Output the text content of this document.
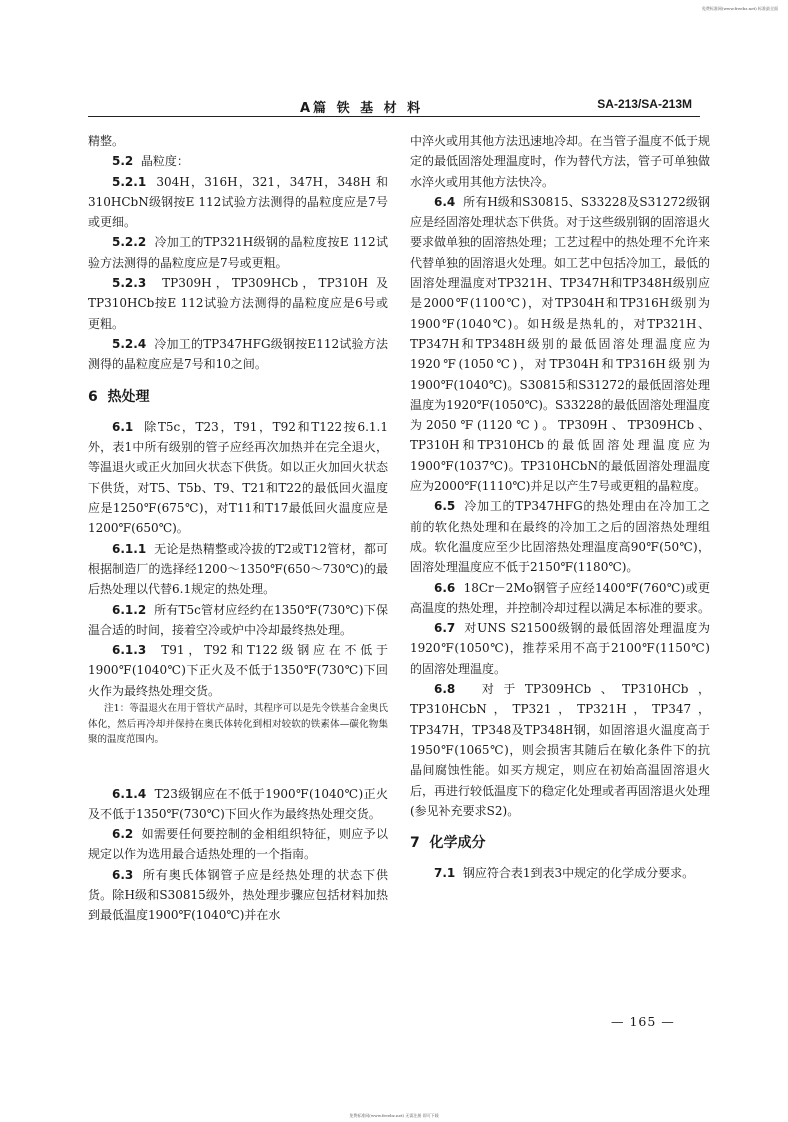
免费标准网(www.freebz.net) 标准最全面
A篇 铁 基 材 料	SA-213/SA-213M

精整。

5.2 晶粒度：

5.2.1 304H，316H，321，347H，348H 和 310HCbN级钢按E 112试验方法测得的晶粒度应是7号或更细。

5.2.2 冷加工的TP321H级钢的晶粒度按E 112试验方法测得的晶粒度应是7号或更粗。

5.2.3 TP309H，TP309HCb，TP310H 及 TP310HCb按E 112试验方法测得的晶粒度应是6号或更粗。

5.2.4 冷加工的TP347HFG级钢按E112试验方法测得的晶粒度应是7号和10之间。

6 热处理

6.1 除T5c，T23，T91，T92和T122按6.1.1外，表1中所有级别的管子应经再次加热并在完全退火，等温退火或正火加回火状态下供货。如以正火加回火状态下供货，对T5、T5b、T9、T21和T22的最低回火温度应是1250℉(675℃)，对T11和T17最低回火温度应是1200℉(650℃)。

6.1.1 无论是热精整或冷拔的T2或T12管材，都可根据制造厂的选择经1200～1350℉(650～730℃)的最后热处理以代替6.1规定的热处理。

6.1.2 所有T5c管材应经约在1350℉(730℃)下保温合适的时间，接着空冷或炉中冷却最终热处理。

6.1.3 T91，T92和T122级钢应在不低于1900℉(1040℃)下正火及不低于1350℉(730℃)下回火作为最终热处理交货。

注1：等温退火在用于管状产品时，其程序可以是先令铁基合金奥氏体化，然后再冷却并保持在奥氏体转化到相对较软的铁素体—碳化物集聚的温度范围内。

6.1.4 T23级钢应在不低于1900℉(1040℃)正火及不低于1350℉(730℃)下回火作为最终热处理交货。

6.2 如需要任何要控制的金相组织特征，则应予以规定以作为选用最合适热处理的一个指南。

6.3 所有奥氏体钢管子应是经热处理的状态下供货。除H级和S30815级外，热处理步骤应包括材料加热到最低温度1900℉(1040℃)并在水

中淬火或用其他方法迅速地冷却。在当管子温度不低于规定的最低固溶处理温度时，作为替代方法，管子可单独做水淬火或用其他方法快冷。

6.4 所有H级和S30815、S33228及S31272级钢应是经固溶处理状态下供货。对于这些级别钢的固溶退火要求做单独的固溶热处理；工艺过程中的热处理不允许来代替单独的固溶退火处理。如工艺中包括冷加工，最低的固溶处理温度对TP321H、TP347H和TP348H级别应是2000℉(1100℃)，对TP304H和TP316H级别为1900℉(1040℃)。如H级是热轧的，对TP321H、TP347H和TP348H级别的最低固溶处理温度应为1920℉(1050℃)，对TP304H和TP316H级别为1900℉(1040℃)。S30815和S31272的最低固溶处理温度为1920℉(1050℃)。S33228的最低固溶处理温度为2050℉(1120℃)。TP309H、TP309HCb、TP310H和TP310HCb的最低固溶处理温度应为1900℉(1037℃)。TP310HCbN的最低固溶处理温度应为2000℉(1110℃)并足以产生7号或更粗的晶粒度。

6.5 冷加工的TP347HFG的热处理由在冷加工之前的软化热处理和在最终的冷加工之后的固溶热处理组成。软化温度应至少比固溶热处理温度高90℉(50℃)，固溶处理温度应不低于2150℉(1180℃)。

6.6 18Cr－2Mo钢管子应经1400℉(760℃)或更高温度的热处理，并控制冷却过程以满足本标准的要求。

6.7 对UNS S21500级钢的最低固溶处理温度为1920℉(1050℃)，推荐采用不高于2100℉(1150℃)的固溶处理温度。

6.8 对于TP309HCb、TP310HCb，TP310HCbN，TP321，TP321H，TP347，TP347H，TP348及TP348H钢，如固溶退火温度高于1950℉(1065℃)，则会损害其随后在敏化条件下的抗晶间腐蚀性能。如买方规定，则应在初始高温固溶退火后，再进行较低温度下的稳定化处理或者再固溶退火处理(参见补充要求S2)。

7 化学成分

7.1 钢应符合表1到表3中规定的化学成分要求。

— 165 —
免费标准网(www.freebz.net) 无需注册 即可下载
